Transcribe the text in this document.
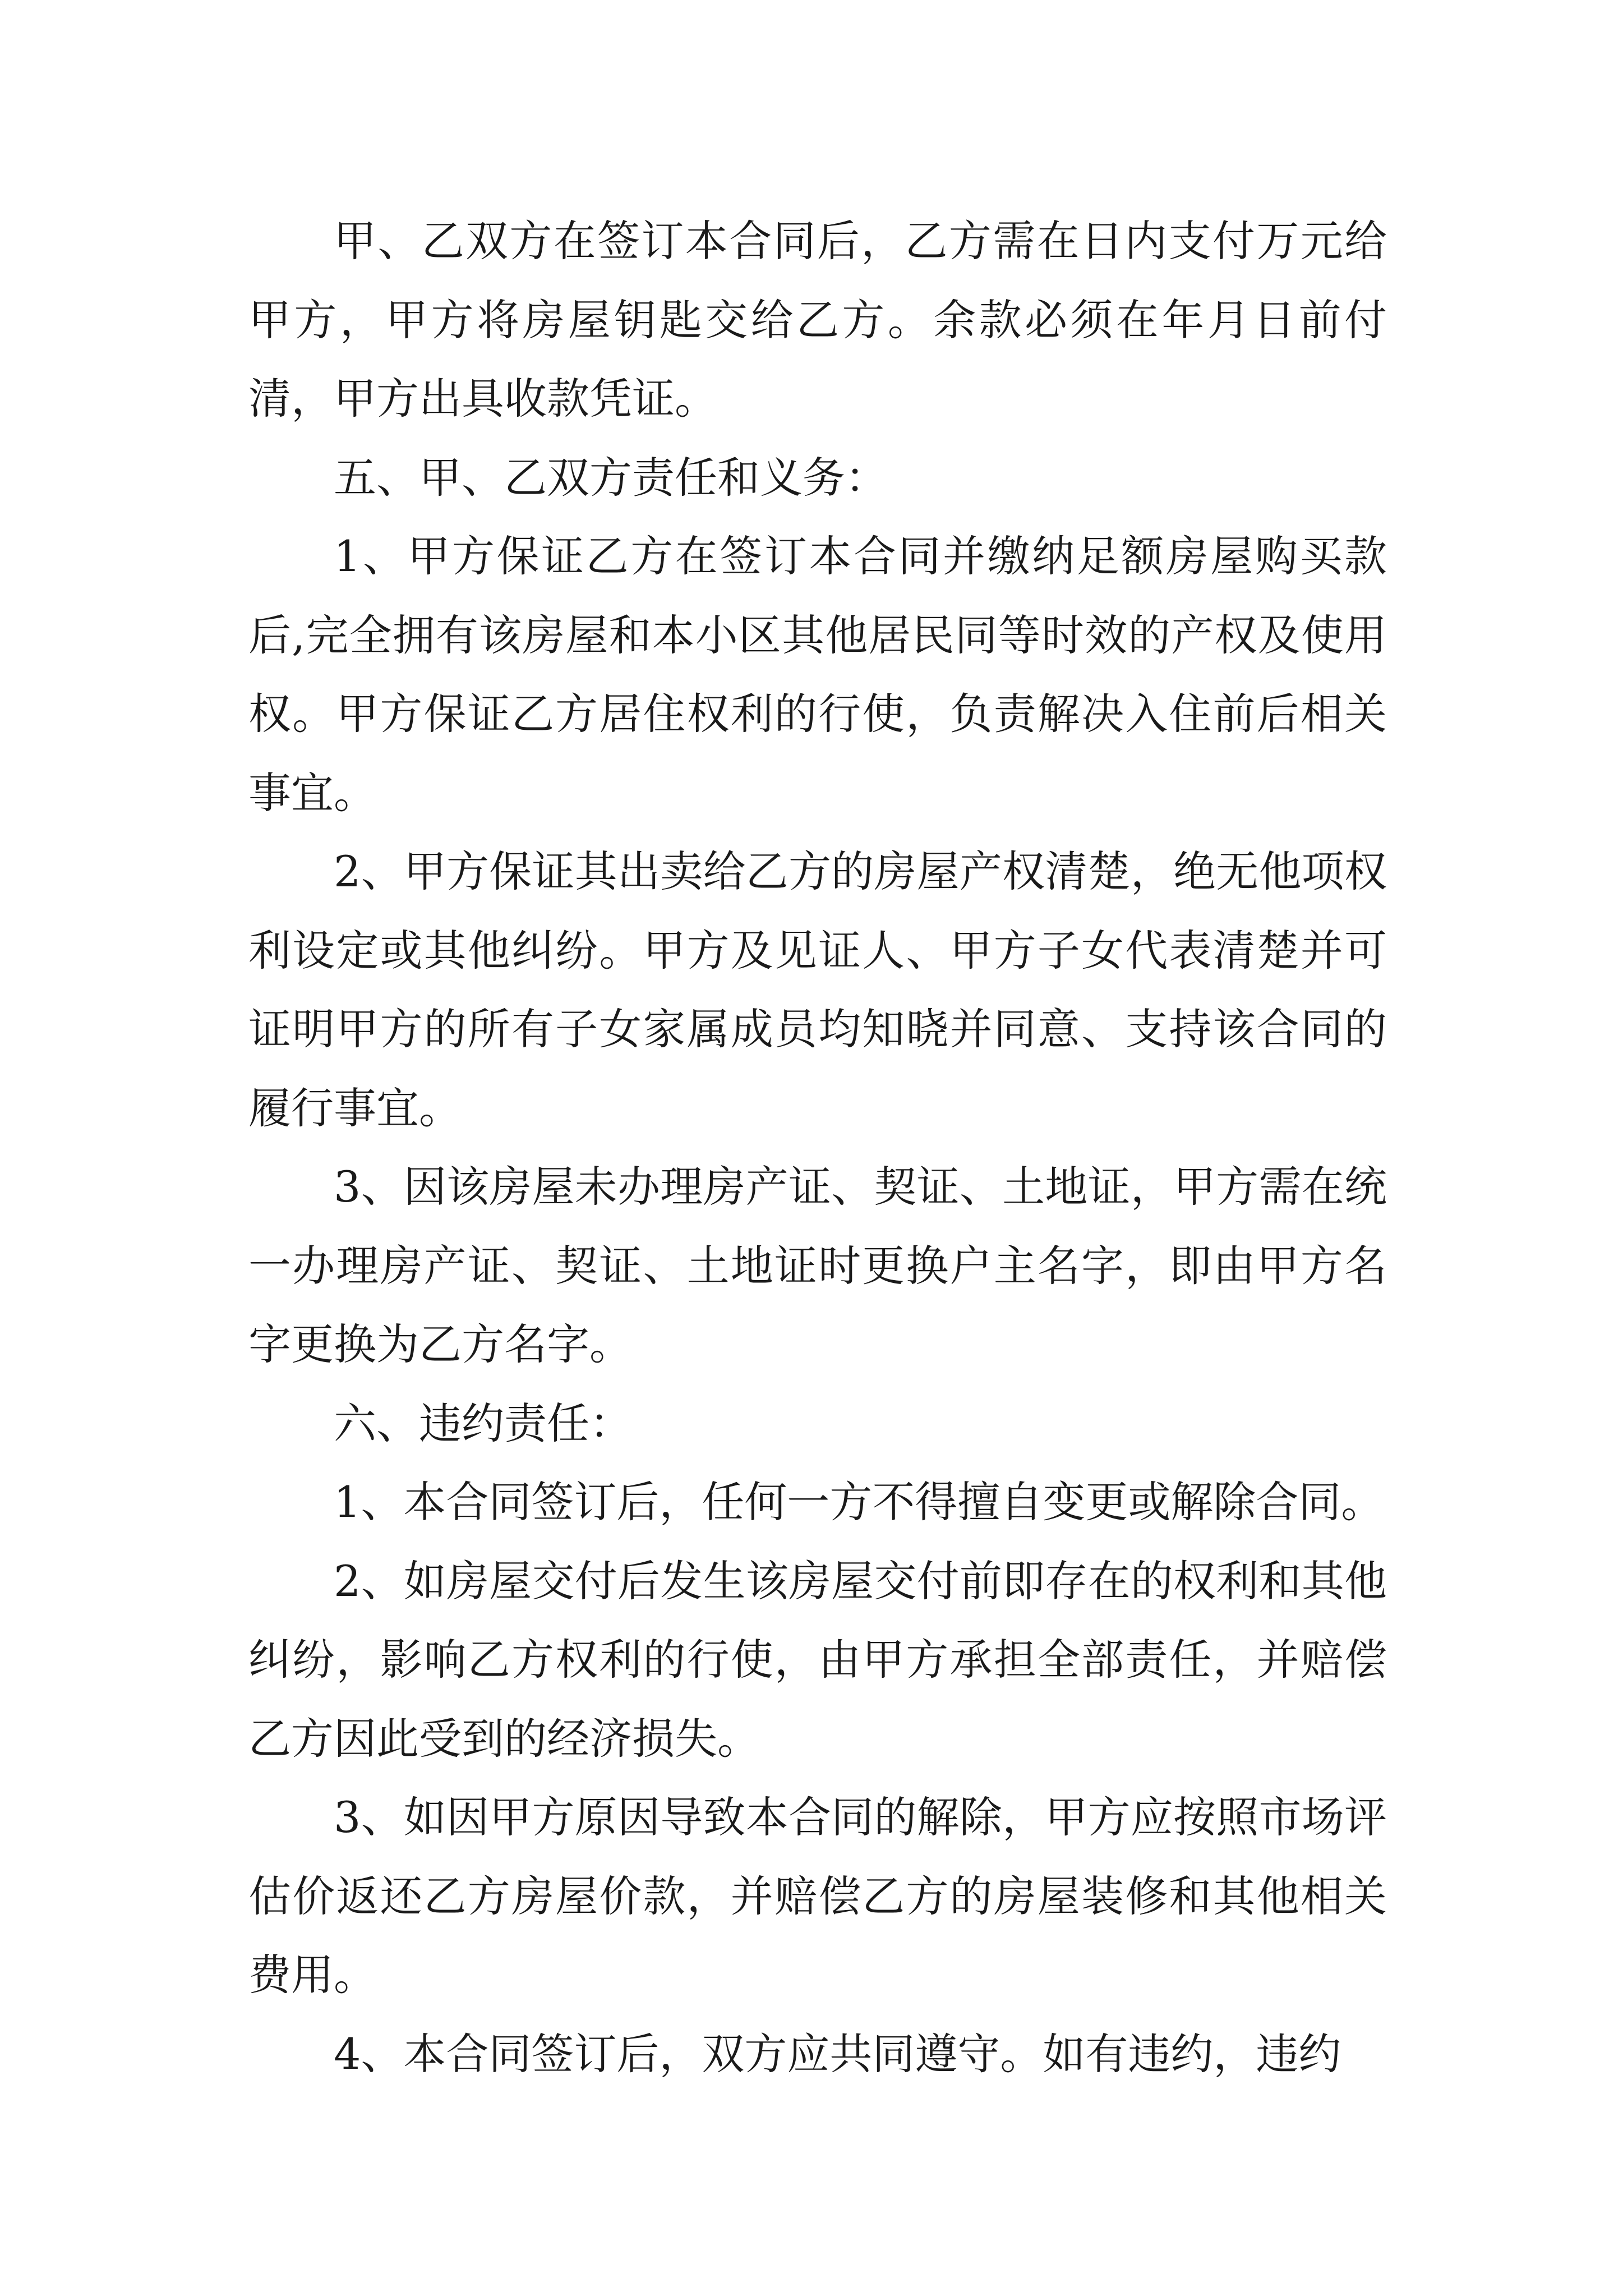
甲、乙双方在签订本合同后，乙方需在日内支付万元给甲方，甲方将房屋钥匙交给乙方。余款必须在年月日前付清，甲方出具收款凭证。

五、甲、乙双方责任和义务：

1、甲方保证乙方在签订本合同并缴纳足额房屋购买款后,完全拥有该房屋和本小区其他居民同等时效的产权及使用权。甲方保证乙方居住权利的行使，负责解决入住前后相关事宜。

2、甲方保证其出卖给乙方的房屋产权清楚，绝无他项权利设定或其他纠纷。甲方及见证人、甲方子女代表清楚并可证明甲方的所有子女家属成员均知晓并同意、支持该合同的履行事宜。

3、因该房屋未办理房产证、契证、土地证，甲方需在统一办理房产证、契证、土地证时更换户主名字，即由甲方名字更换为乙方名字。

六、违约责任：

1、本合同签订后，任何一方不得擅自变更或解除合同。

2、如房屋交付后发生该房屋交付前即存在的权利和其他纠纷，影响乙方权利的行使，由甲方承担全部责任，并赔偿乙方因此受到的经济损失。

3、如因甲方原因导致本合同的解除，甲方应按照市场评估价返还乙方房屋价款，并赔偿乙方的房屋装修和其他相关费用。

4、本合同签订后，双方应共同遵守。如有违约，违约
